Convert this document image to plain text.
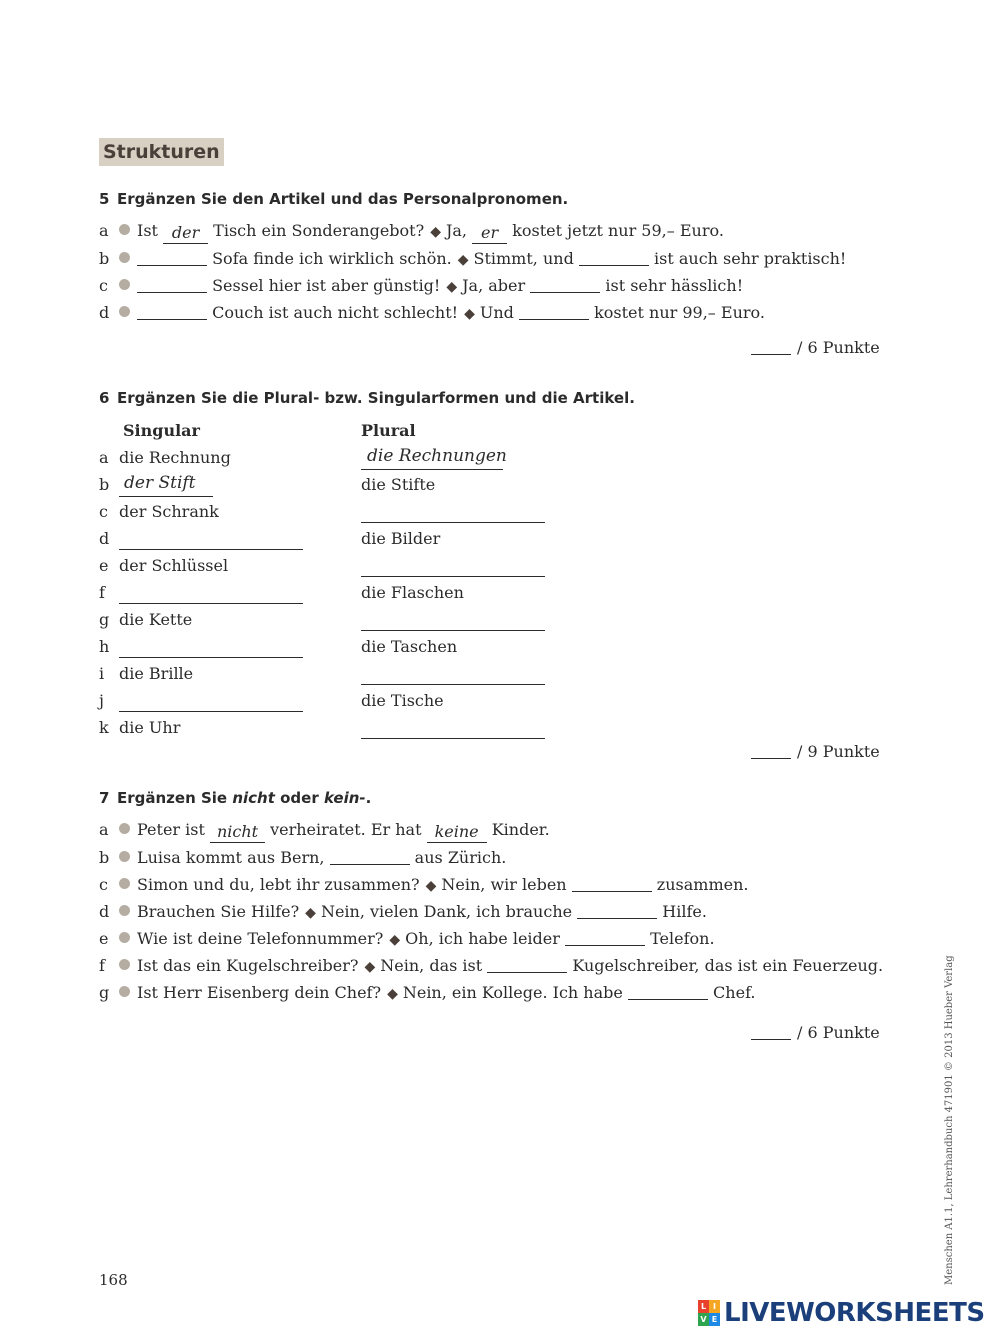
Strukturen
5 Ergänzen Sie den Artikel und das Personalpronomen.
a Ist der Tisch ein Sonderangebot? ◆ Ja, er kostet jetzt nur 59,– Euro.
b	Sofa finde ich wirklich schön. ◆ Stimmt, und	ist auch sehr praktisch!
c	Sessel hier ist aber günstig! ◆ Ja, aber	ist sehr hässlich!
d	Couch ist auch nicht schlecht! ◆ Und	kostet nur 99,– Euro.
/ 6 Punkte
6 Ergänzen Sie die Plural- bzw. Singularformen und die Artikel.
Singular	Plural
a die Rechnung	die Rechnungen
b der Stift	die Stifte
c der Schrank
d	die Bilder
e der Schlüssel
f	die Flaschen
g die Kette
h	die Taschen
i die Brille
j	die Tische
k die Uhr
/ 9 Punkte
7 Ergänzen Sie nicht oder kein-.
a Peter ist nicht verheiratet. Er hat keine Kinder.
b Luisa kommt aus Bern,	aus Zürich.
c Simon und du, lebt ihr zusammen? ◆ Nein, wir leben	zusammen.
d Brauchen Sie Hilfe? ◆ Nein, vielen Dank, ich brauche	Hilfe.
e Wie ist deine Telefonnummer? ◆ Oh, ich habe leider	Telefon.
f Ist das ein Kugelschreiber? ◆ Nein, das ist	Kugelschreiber, das ist ein Feuerzeug.
g Ist Herr Eisenberg dein Chef? ◆ Nein, ein Kollege. Ich habe	Chef.
/ 6 Punkte
168	Menschen A1.1, Lehrerhandbuch 471901 © 2013 Hueber Verlag
L I
V E LIVEWORKSHEETS
